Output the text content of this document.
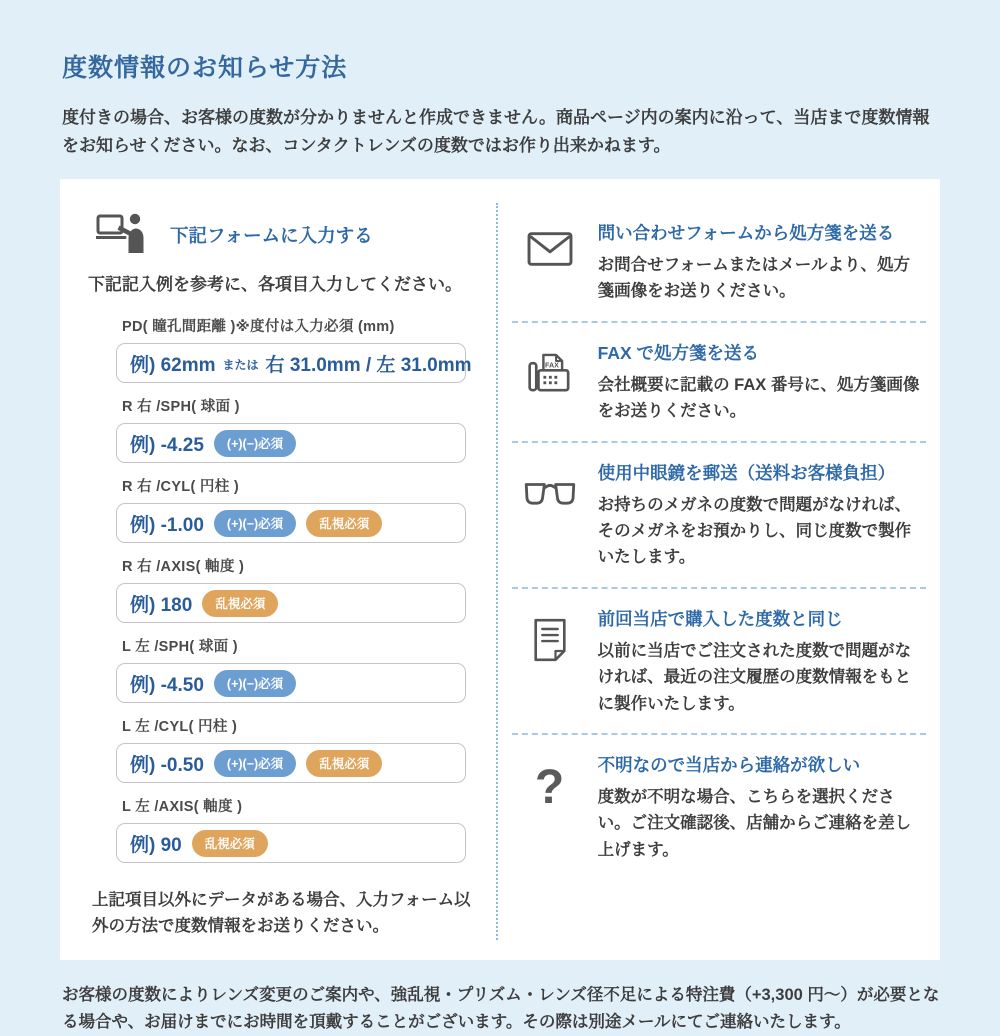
度数情報のお知らせ方法

度付きの場合、お客様の度数が分かりませんと作成できません。商品ページ内の案内に沿って、当店まで度数情報をお知らせください。なお、コンタクトレンズの度数ではお作り出来かねます。

下記フォームに入力する

下記記入例を参考に、各項目入力してください。

PD( 瞳孔間距離 )※度付は入力必須 (mm)
例) 62mm または 右 31.0mm / 左 31.0mm
R 右 /SPH( 球面 )
例) -4.25	(+)(−)必須
R 右 /CYL( 円柱 )
例) -1.00	(+)(−)必須	乱視必須
R 右 /AXIS( 軸度 )
例) 180	乱視必須
L 左 /SPH( 球面 )
例) -4.50	(+)(−)必須
L 左 /CYL( 円柱 )
例) -0.50	(+)(−)必須	乱視必須
L 左 /AXIS( 軸度 )
例) 90	乱視必須

上記項目以外にデータがある場合、入力フォーム以外の方法で度数情報をお送りください。

問い合わせフォームから処方箋を送る
お問合せフォームまたはメールより、処方箋画像をお送りください。
FAX
FAX で処方箋を送る
会社概要に記載の FAX 番号に、処方箋画像をお送りください。
使用中眼鏡を郵送（送料お客様負担）
お持ちのメガネの度数で問題がなければ、そのメガネをお預かりし、同じ度数で製作いたします。
前回当店で購入した度数と同じ
以前に当店でご注文された度数で問題がなければ、最近の注文履歴の度数情報をもとに製作いたします。
? 不明なので当店から連絡が欲しい
度数が不明な場合、こちらを選択ください。ご注文確認後、店舗からご連絡を差し上げます。

お客様の度数によりレンズ変更のご案内や、強乱視・プリズム・レンズ径不足による特注費（+3,300 円～）が必要となる場合や、お届けまでにお時間を頂戴することがございます。その際は別途メールにてご連絡いたします。
